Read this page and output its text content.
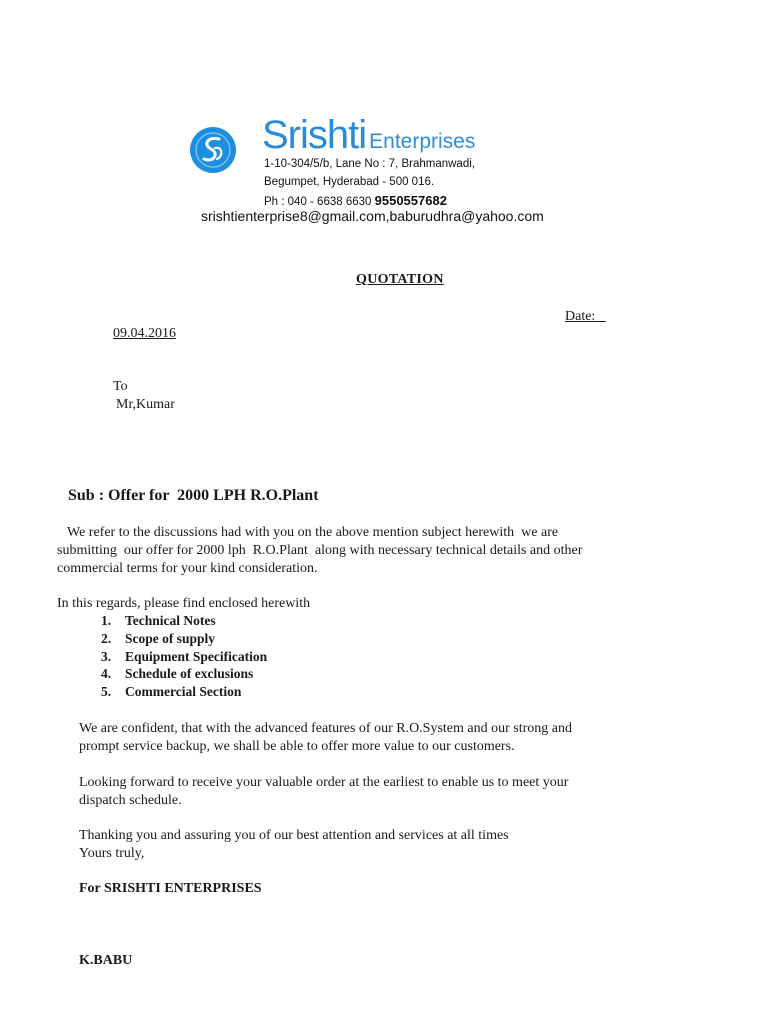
Srishti Enterprises
1-10-304/5/b, Lane No : 7, Brahmanwadi,
Begumpet, Hyderabad - 500 016.
Ph : 040 - 6638 6630 9550557682
srishtienterprise8@gmail.com,baburudhra@yahoo.com
QUOTATION
Date:
09.04.2016
To
Mr,Kumar
Sub : Offer for  2000 LPH R.O.Plant
We refer to the discussions had with you on the above mention subject herewith  we are
submitting  our offer for 2000 lph  R.O.Plant  along with necessary technical details and other
commercial terms for your kind consideration.
In this regards, please find enclosed herewith
1. Technical Notes
2. Scope of supply
3. Equipment Specification
4. Schedule of exclusions
5. Commercial Section
We are confident, that with the advanced features of our R.O.System and our strong and
prompt service backup, we shall be able to offer more value to our customers.
Looking forward to receive your valuable order at the earliest to enable us to meet your
dispatch schedule.
Thanking you and assuring you of our best attention and services at all times
Yours truly,
For SRISHTI ENTERPRISES
K.BABU
